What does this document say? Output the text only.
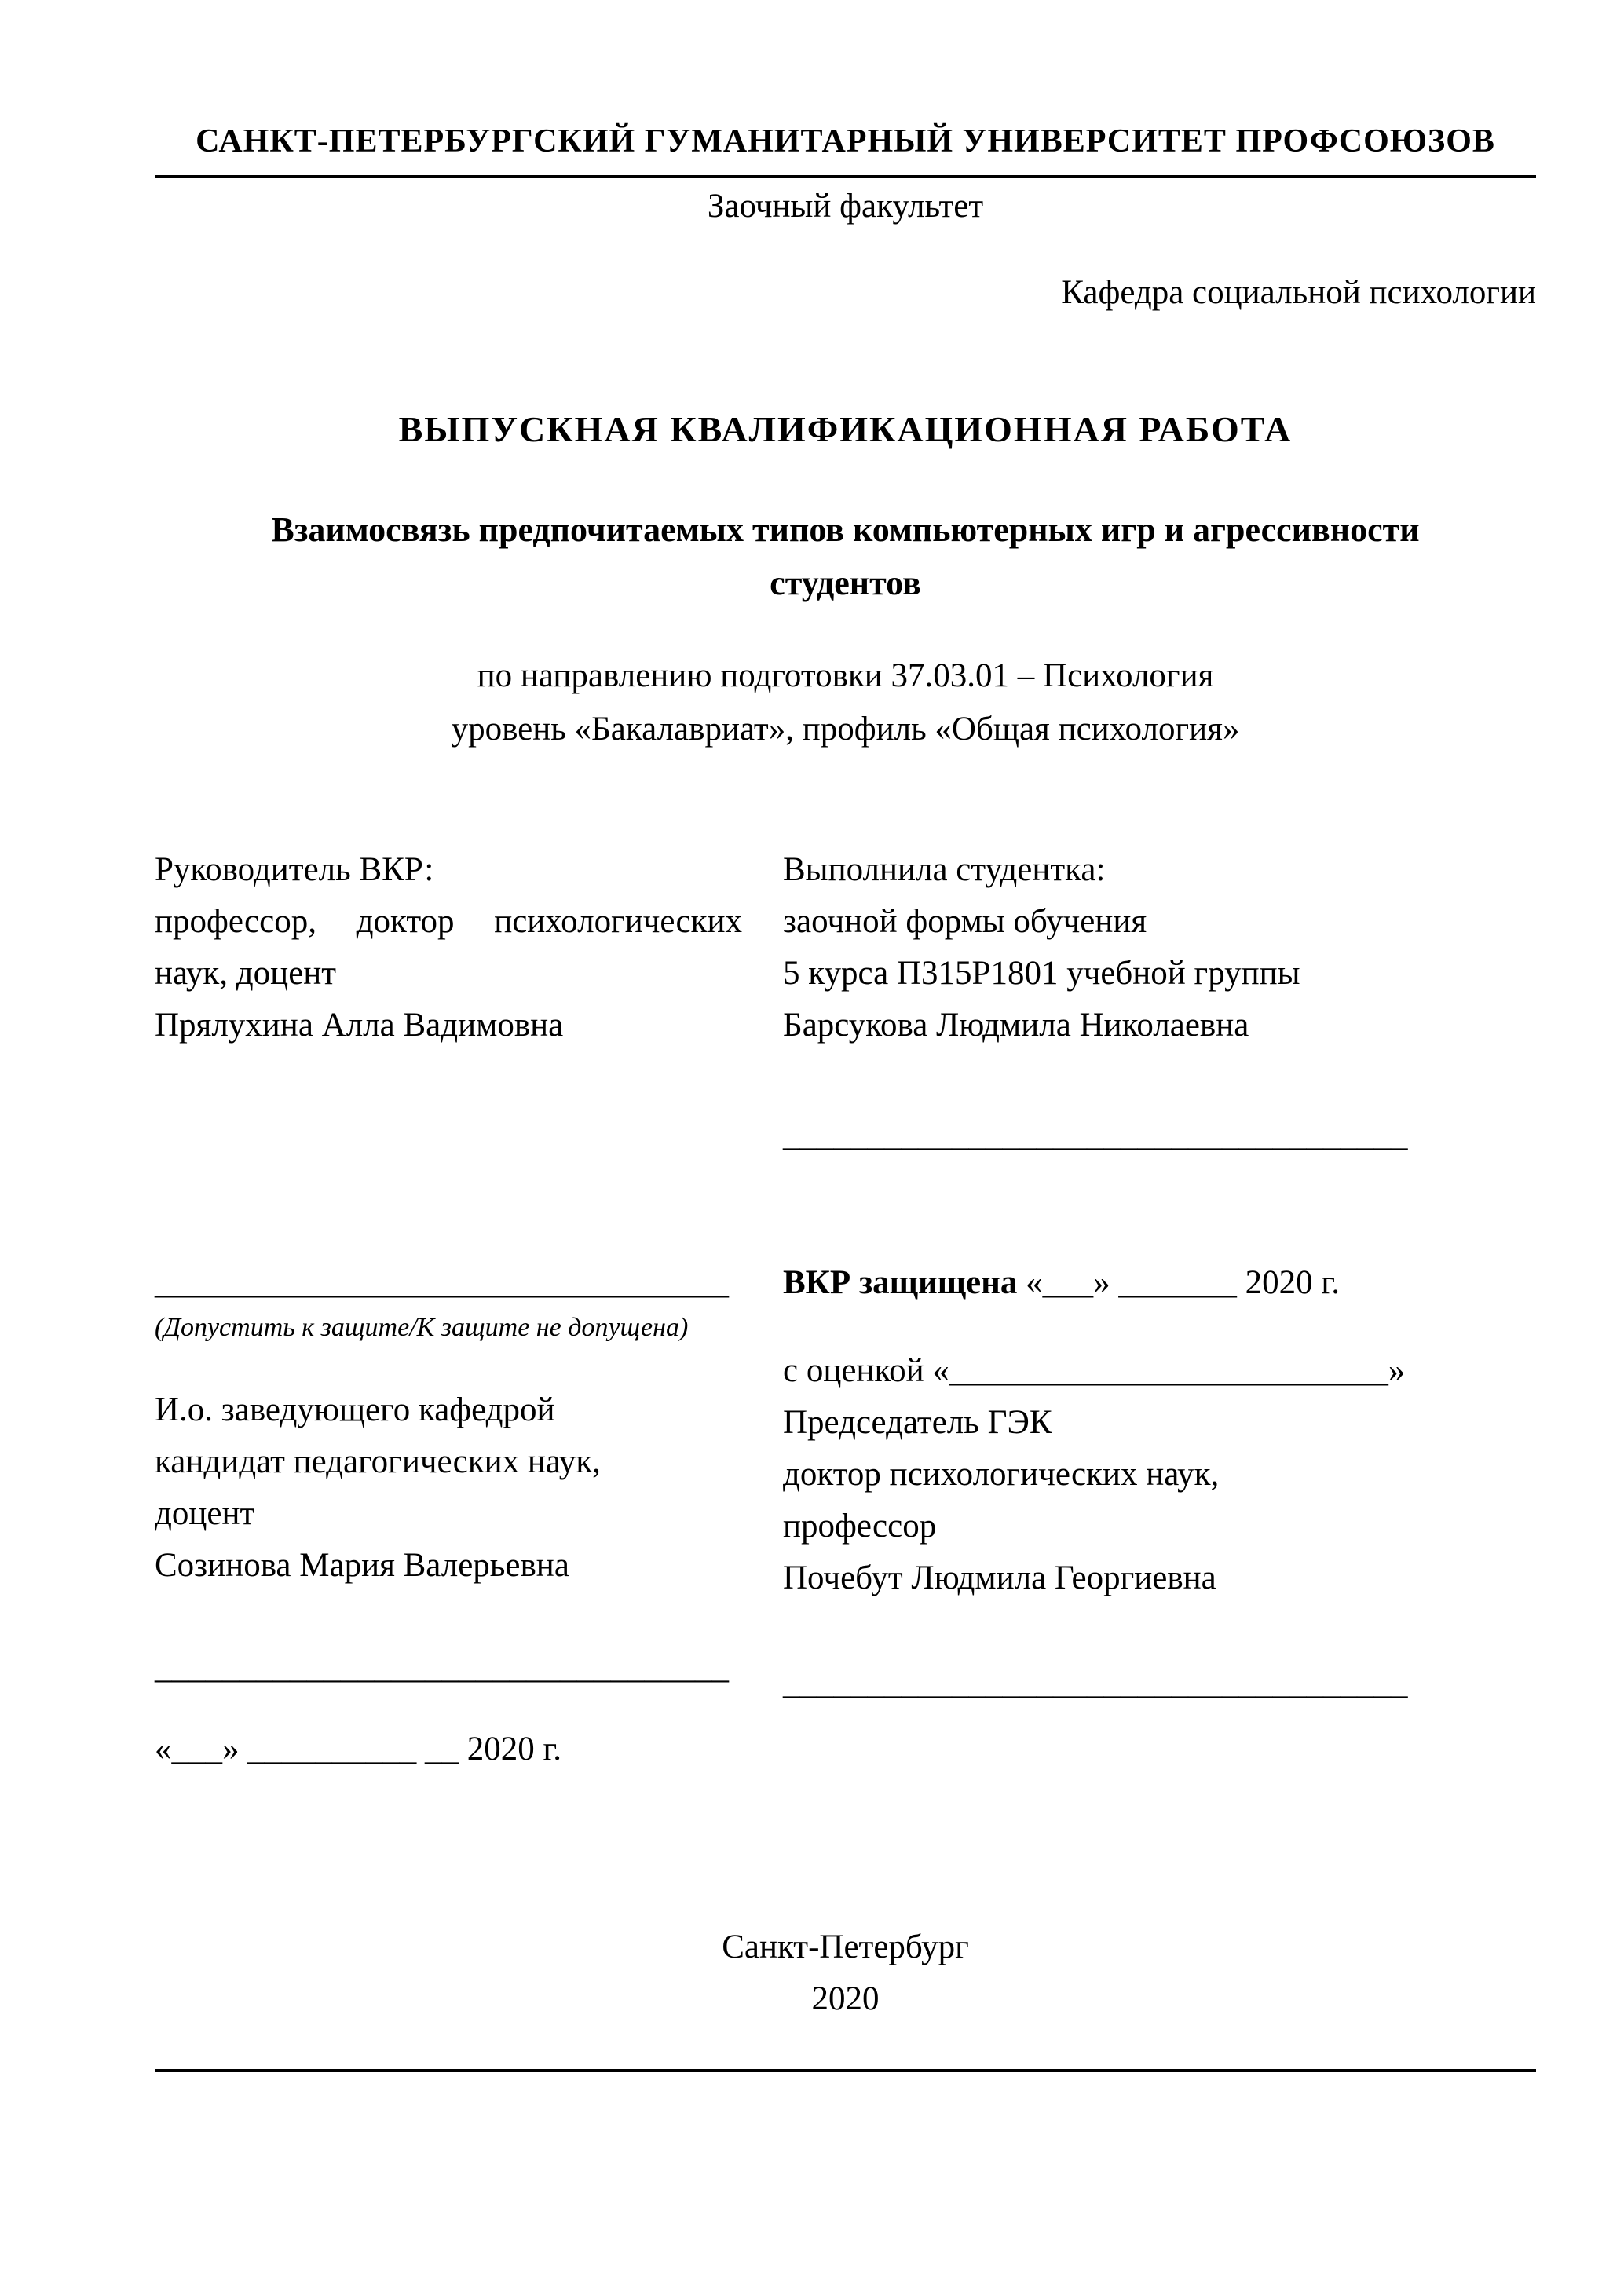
САНКТ-ПЕТЕРБУРГСКИЙ ГУМАНИТАРНЫЙ УНИВЕРСИТЕТ ПРОФСОЮЗОВ
Заочный факультет
Кафедра социальной психологии
ВЫПУСКНАЯ КВАЛИФИКАЦИОННАЯ РАБОТА
Взаимосвязь предпочитаемых типов компьютерных игр и агрессивности
студентов
по направлению подготовки 37.03.01 – Психология
уровень «Бакалавриат», профиль «Общая психология»
Руководитель ВКР:
профессор, доктор психологических
наук, доцент
Прялухина Алла Вадимовна
Выполнила студентка:
заочной формы обучения
5 курса П315Р1801 учебной группы
Барсукова Людмила Николаевна
_____________________________________
__________________________________
(Допустить к защите/К защите не допущена)
И.о. заведующего кафедрой
кандидат педагогических наук,
доцент
Созинова Мария Валерьевна
__________________________________
«___» __________ __ 2020 г.
ВКР защищена «___» _______ 2020 г.
с оценкой «__________________________»
Председатель ГЭК
доктор психологических наук,
профессор
Почебут Людмила Георгиевна
_____________________________________
Санкт-Петербург
2020
